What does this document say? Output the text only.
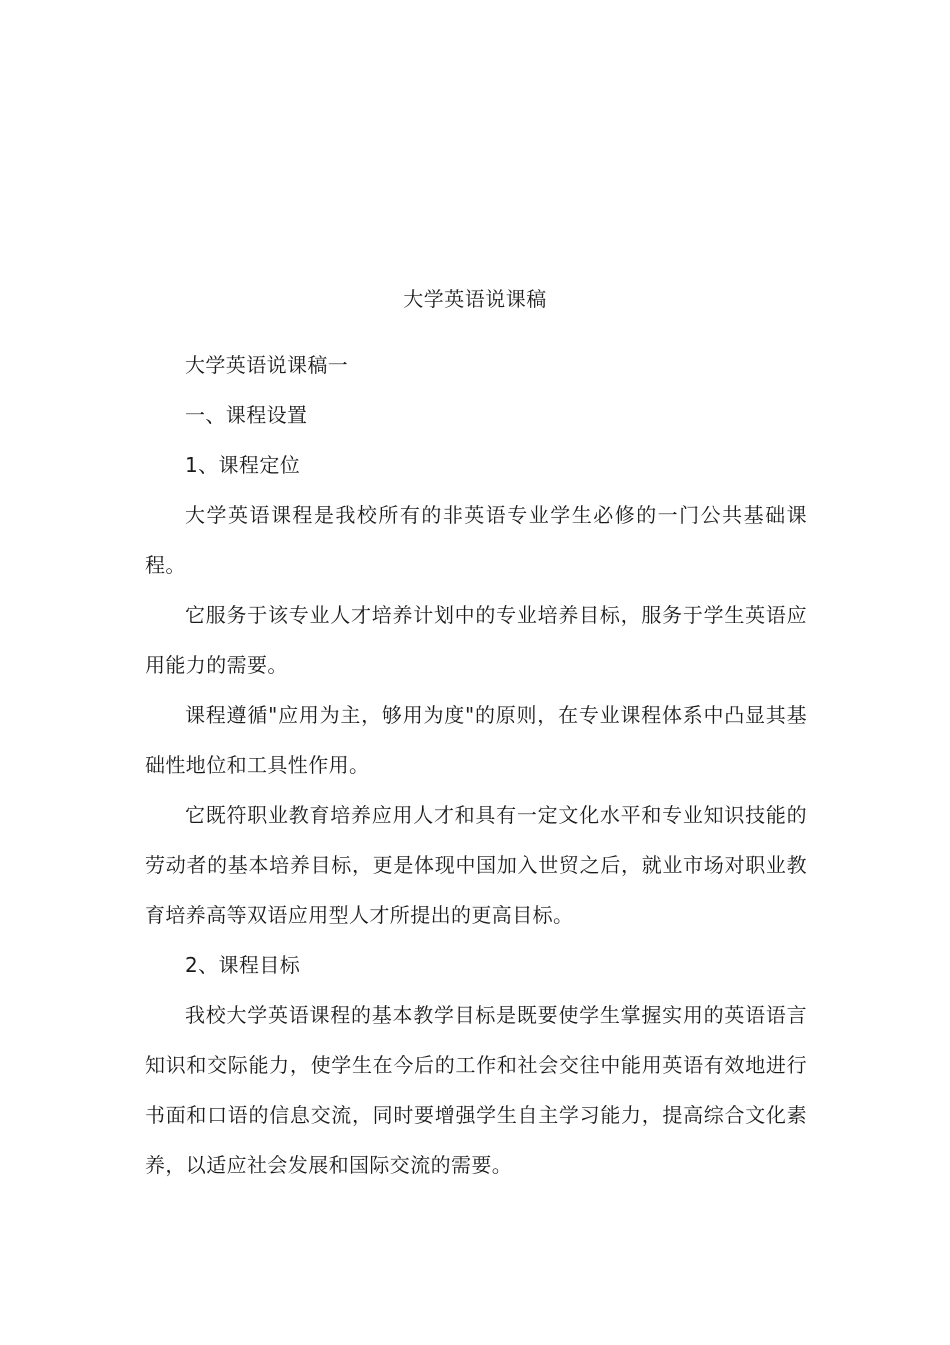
大学英语说课稿

大学英语说课稿一

一、课程设置

1、课程定位

大学英语课程是我校所有的非英语专业学生必修的一门公共基础课程。

它服务于该专业人才培养计划中的专业培养目标，服务于学生英语应用能力的需要。

课程遵循"应用为主，够用为度"的原则，在专业课程体系中凸显其基础性地位和工具性作用。

它既符职业教育培养应用人才和具有一定文化水平和专业知识技能的劳动者的基本培养目标，更是体现中国加入世贸之后，就业市场对职业教育培养高等双语应用型人才所提出的更高目标。

2、课程目标

我校大学英语课程的基本教学目标是既要使学生掌握实用的英语语言知识和交际能力，使学生在今后的工作和社会交往中能用英语有效地进行书面和口语的信息交流，同时要增强学生自主学习能力，提高综合文化素养，以适应社会发展和国际交流的需要。
